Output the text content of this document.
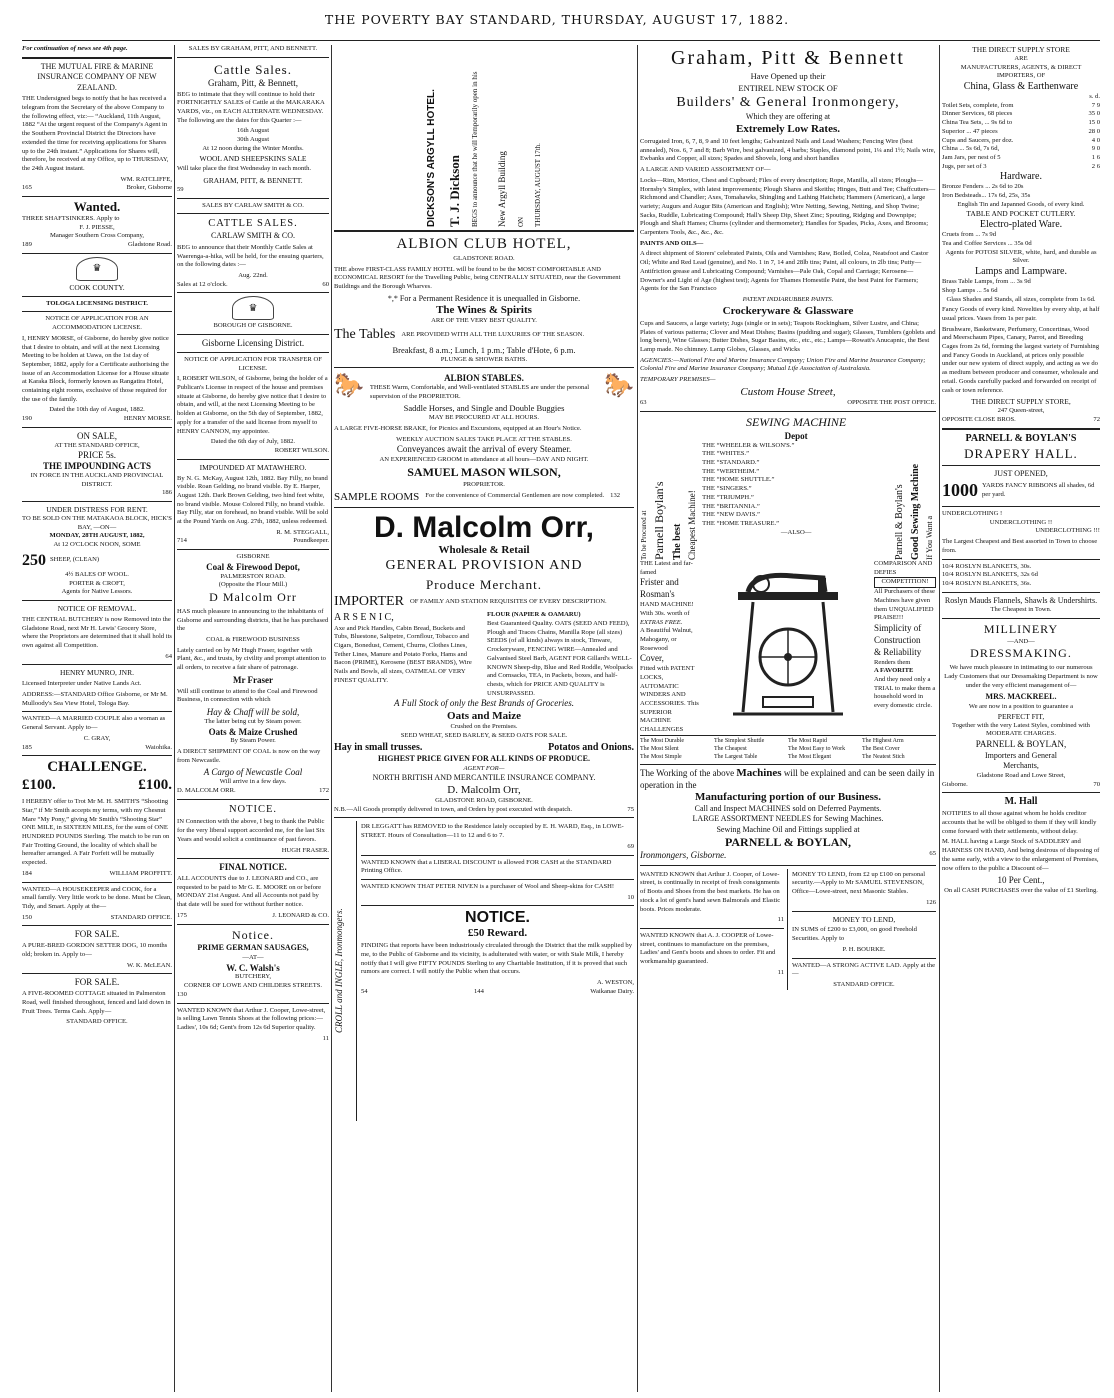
THE POVERTY BAY STANDARD, THURSDAY, AUGUST 17, 1882.
For continuation of news see 4th page.
THE MUTUAL FIRE & MARINE INSURANCE COMPANY OF NEW ZEALAND.
THE Undersigned begs to notify that he has received a telegram from the Secretary of the above Company to the following effect, viz:— “Auckland, 11th August, 1882 “At the urgent request of the Company's Agent in the Southern Provincial District the Directors have extended the time for receiving applications for Shares up to the 24th instant.” Applications for Shares will, therefore, be received at my Office, up to THURSDAY, the 24th August instant.
WM. RATCLIFFE,
165	Broker, Gisborne
Wanted.
THREE SHAFTSINKERS. Apply to
F. J. PIESSE,
Manager Southern Cross Company,
189	Gladstone Road.
♛
COOK COUNTY.
TOLOGA LICENSING DISTRICT.
NOTICE OF APPLICATION FOR AN ACCOMMODATION LICENSE.
I, HENRY MORSE, of Gisborne, do hereby give notice that I desire to obtain, and will at the next Licensing Meeting to be holden at Uawa, on the 1st day of September, 1882, apply for a Certificate authorising the issue of an Accommodation License for a House situate at Karaka Block, formerly known as Rangatira Hotel, containing eight rooms, exclusive of those required for the use of the family.
Dated the 10th day of August, 1882.
190	HENRY MORSE.
ON SALE,
AT THE STANDARD OFFICE,
PRICE 5s.
THE IMPOUNDING ACTS
IN FORCE IN THE AUCKLAND PROVINCIAL DISTRICT.
186
UNDER DISTRESS FOR RENT.
TO BE SOLD ON THE MATAKAOA BLOCK, HICK'S BAY, —ON—
MONDAY, 28TH AUGUST, 1882,
At 12 O'CLOCK NOON, SOME
250 SHEEP, (CLEAN)
4½ BALES OF WOOL.
PORTER & CROFT,
Agents for Native Lessors.
NOTICE OF REMOVAL.
THE CENTRAL BUTCHERY is now Removed into the Gladstone Road, next Mr H. Lewis' Grocery Store, where the Proprietors are determined that it shall hold its own against all Competition.
64
HENRY MUNRO, JNR.
Licensed Interpreter under Native Lands Act.
ADDRESS:—STANDARD Office Gisborne, or Mr M. Mulloody's Sea View Hotel, Tologa Bay.
WANTED—A MARRIED COUPLE also a woman as General Servant. Apply to—
C. GRAY,
185	Waiohika.
CHALLENGE.
£100.	£100.
I HEREBY offer to Trot Mr M. H. SMITH'S “Shooting Star,” if Mr Smith accepts my terms, with my Chesnut Mare “My Pony,” giving Mr Smith's “Shooting Star” ONE MILE, in SIXTEEN MILES, for the sum of ONE HUNDRED POUNDS Sterling. The match to be run on Fair Trotting Ground, the locality of which shall be hereafter arranged. A Fair Forfeit will be mutually expected.
184	WILLIAM PROFFITT.
WANTED—A HOUSEKEEPER and COOK, for a small family. Very little work to be done. Must be Clean, Tidy, and Smart. Apply at the—
150	STANDARD OFFICE.
FOR SALE.
A PURE-BRED GORDON SETTER DOG, 10 months old; broken in. Apply to—
W. K. McLEAN.
FOR SALE.
A FIVE-ROOMED COTTAGE situated in Palmerston Road, well finished throughout, fenced and laid down in Fruit Trees. Terms Cash. Apply—
STANDARD OFFICE.
SALES BY GRAHAM, PITT, AND BENNETT.
Cattle Sales.
Graham, Pitt, & Bennett,
BEG to intimate that they will continue to hold their FORTNIGHTLY SALES of Cattle at the MAKARAKA YARDS, viz., on EACH ALTERNATE WEDNESDAY. The following are the dates for this Quarter :—
16th August
30th August
At 12 noon during the Winter Months.
WOOL AND SHEEPSKINS SALE
Will take place the first Wednesday in each month.
GRAHAM, PITT, & BENNETT.
59
SALES BY CARLAW SMITH & CO.
CATTLE SALES.
CARLAW SMITH & CO.
BEG to announce that their Monthly Cattle Sales at Waerenga-a-hika, will be held, for the ensuing quarters, on the following dates :—
Aug. 22nd.
Sales at 12 o'clock.	60
♛
BOROUGH OF GISBORNE.
Gisborne Licensing District.
NOTICE OF APPLICATION FOR TRANSFER OF LICENSE.
I, ROBERT WILSON, of Gisborne, being the holder of a Publican's License in respect of the house and premises situate at Gisborne, do hereby give notice that I desire to obtain, and will, at the next Licensing Meeting to be holden at Gisborne, on the 5th day of September, 1882, apply for a transfer of the said license from myself to HENRY CANNON, my appointee.
Dated the 6th day of July, 1882.
ROBERT WILSON.
IMPOUNDED AT MATAWHERO.
By N. G. McKay, August 12th, 1882. Bay Filly, no brand visible. Roan Gelding, no brand visible. By E. Harper, August 12th. Dark Brown Gelding, two hind feet white, no brand visible. Mouse Colored Filly, no brand visible. Bay Filly, star on forehead, no brand visible. Will be sold at the Pound Yards on Aug. 27th, 1882, unless redeemed.
R. M. STEGGALL,
714	Poundkeeper.
GISBORNE
Coal & Firewood Depot,
PALMERSTON ROAD.
(Opposite the Flour Mill.)
D Malcolm Orr
HAS much pleasure in announcing to the inhabitants of Gisborne and surrounding districts, that he has purchased the
COAL & FIREWOOD BUSINESS
Lately carried on by Mr Hugh Fraser, together with Plant, &c., and trusts, by civility and prompt attention to all orders, to receive a fair share of patronage.
Mr Fraser
Will still continue to attend to the Coal and Firewood Business, in connection with which
Hay & Chaff will be sold,
The latter being cut by Steam power.
Oats & Maize Crushed
By Steam Power.
A DIRECT SHIPMENT OF COAL is now on the way from Newcastle.
A Cargo of Newcastle Coal
Will arrive in a few days.
D. MALCOLM ORR.	172
NOTICE.
IN Connection with the above, I beg to thank the Public for the very liberal support accorded me, for the last Six Years and would solicit a continuance of past favors.
HUGH FRASER.
FINAL NOTICE.
ALL ACCOUNTS due to J. LEONARD and CO., are requested to be paid to Mr G. E. MOORE on or before MONDAY 21st August. And all Accounts not paid by that date will be sued for without further notice.
175	J. LEONARD & CO.
Notice.
PRIME GERMAN SAUSAGES,
—AT—
W. C. Walsh's
BUTCHERY,
CORNER OF LOWE AND CHILDERS STREETS.
130
WANTED KNOWN that Arthur J. Cooper, Lowe-street, is selling Lawn Tennis Shoes at the following prices:— Ladies', 10s 6d; Gent's from 12s 6d Superior quality.
11
DICKSON'S ARGYLL HOTEL. T. J. Dickson BEGS to announce that he will Temporarily open in his	New Argyll Building ON THURSDAY, AUGUST 17th.
ALBION CLUB HOTEL,
GLADSTONE ROAD.
THE above FIRST-CLASS FAMILY HOTEL will be found to be the MOST COMFORTABLE AND ECONOMICAL RESORT for the Travelling Public, being CENTRALLY SITUATED, near the Government Buildings and the Borough Wharves.
*,* For a Permanent Residence it is unequalled in Gisborne.
The Wines & Spirits
ARE OF THE VERY BEST QUALITY.
The Tables ARE PROVIDED WITH ALL THE LUXURIES OF THE SEASON.
Breakfast, 8 a.m.; Lunch, 1 p.m.; Table d'Hote, 6 p.m.
PLUNGE & SHOWER BATHS.
🐎	ALBION STABLES.
THESE Warm, Comfortable, and Well-ventilated STABLES are under the personal supervision of the PROPRIETOR.	🐎
Saddle Horses, and Single and Double Buggies
MAY BE PROCURED AT ALL HOURS.
A LARGE FIVE-HORSE BRAKE, for Picnics and Excursions, equipped at an Hour's Notice.
WEEKLY AUCTION SALES TAKE PLACE AT THE STABLES.
Conveyances await the arrival of every Steamer.
AN EXPERIENCED GROOM in attendance at all hours—DAY AND NIGHT.
SAMUEL MASON WILSON,
PROPRIETOR.
SAMPLE ROOMS For the convenience of Commercial Gentlemen are now completed. 132
D. Malcolm Orr,
Wholesale & Retail
GENERAL PROVISION AND
Produce Merchant.
IMPORTER OF FAMILY AND STATION REQUISITES OF EVERY DESCRIPTION.
A R S E N I C,
Axe and Pick Handles, Cabin Bread, Buckets and Tubs, Bluestone, Saltpetre, Cornflour, Tobacco and Cigars, Bonedust, Cement, Churns, Clothes Lines, Tether Lines, Manure and Potato Forks, Hams and Bacon (PRIME), Kerosene (BEST BRANDS), Wire Nails and Bowls, all sizes, OATMEAL OF VERY FINEST QUALITY.
FLOUR (NAPIER & OAMARU)
Best Guaranteed Quality. OATS (SEED AND FEED), Plough and Traces Chains, Manilla Rope (all sizes) SEEDS (of all kinds) always in stock, Tinware, Crockeryware, FENCING WIRE—Annealed and Galvanised Steel Barb, AGENT FOR Gillard's WELL-KNOWN Sheep-dip, Blue and Red Roddle, Woolpacks and Cornsacks, TEA, in Packets, boxes, and half-chests, which for PRICE AND QUALITY is UNSURPASSED.
A Full Stock of only the Best Brands of Groceries.
Oats and Maize
Crushed on the Premises.
SEED WHEAT, SEED BARLEY, & SEED OATS FOR SALE.
Hay in small trusses.	Potatos and Onions.
HIGHEST PRICE GIVEN FOR ALL KINDS OF PRODUCE.
AGENT FOR—
NORTH BRITISH AND MERCANTILE INSURANCE COMPANY.
D. Malcolm Orr,
GLADSTONE ROAD, GISBORNE.
N.B.—All Goods promptly delivered in town, and Orders by post executed with despatch.	75
CROLL and INGLE, Ironmongers.
DR LEGGATT has REMOVED to the Residence lately occupied by E. H. WARD, Esq., in LOWE-STREET. Hours of Consultation—11 to 12 and 6 to 7.
69
WANTED KNOWN that a LIBERAL DISCOUNT is allowed FOR CASH at the STANDARD Printing Office.
WANTED KNOWN THAT PETER NIVEN is a purchaser of Wool and Sheep-skins for CASH!
10
NOTICE.
£50 Reward.
FINDING that reports have been industriously circulated through the District that the milk supplied by me, to the Public of Gisborne and its vicinity, is adulterated with water, or with Stale Milk, I hereby notify that I will give FIFTY POUNDS Sterling to any Charitable Institution, if it is proved that such rumors are correct. I will notify the Public when that occurs.
A. WESTON,
54	144	Waikanae Dairy.
Graham, Pitt & Bennett
Have Opened up their
ENTIREL NEW STOCK OF
Builders' & General Ironmongery,
Which they are offering at
Extremely Low Rates.
Corrugated Iron, 6, 7, 8, 9 and 10 feet lengths; Galvanized Nails and Lead Washers; Fencing Wire (best annealed), Nos. 6, 7 and 8; Barb Wire, best galvanized, 4 barbs; Staples, diamond point, 1¼ and 1½; Nails wire, Ewbanks and Copper, all sizes; Spades and Shovels, long and short handles
A LARGE AND VARIED ASSORTMENT OF—
Locks—Rim, Mortice, Chest and Cupboard; Files of every description; Rope, Manilla, all sizes; Ploughs—Hornsby's Simplex, with latest improvements; Plough Shares and Skeiths; Hinges, Butt and Tee; Chaffcutters—Richmond and Chandler; Axes, Tomahawks, Shingling and Lathing Hatchets; Hammers (American), a large variety; Augurs and Augur Bits (American and English); Wire Netting, Sewing, Netting, and Shop Twine; Sacks, Ruddle, Lubricating Compound; Hall's Sheep Dip, Sheet Zinc; Spouting, Ridging and Downpipe; Plough and Shaft Hames; Churns (cylinder and thermometer); Handles for Spades, Picks, Axes, and Brooms; Carpenters Tools, &c., &c., &c.
PAINTS AND OILS—
A direct shipment of Storers' celebrated Paints, Oils and Varnishes; Raw, Boiled, Colza, Neatsfoot and Castor Oil; White and Red Lead (genuine), and No. 1 in 7, 14 and 28lb tins; Paint, all colours, in 2lb tins; Putty—Antifriction grease and Lubricating Compound; Varnishes—Pale Oak, Copal and Carriage; Kerosene—Downer's and Light of Age (highest test); Agents for Thames Homestile Paint, the best Paint for Farmers; Agents for the San Francisco
PATENT INDIARUBBER PAINTS.
Crockeryware & Glassware
Cups and Saucers, a large variety; Jugs (single or in sets); Teapots Rockingham, Silver Lustre, and China; Plates of various patterns; Clover and Meat Dishes; Basins (pudding and sugar); Glasses, Tumblers (goblets and long beers), Wine Glasses; Butter Dishes, Sugar Basins, etc., etc., etc.; Lamps—Rowatt's Anucapnic, the Best Lamp made. No chimney. Lamp Globes, Glasses, and Wicks
AGENCIES:—National Fire and Marine Insurance Company; Union Fire and Marine Insurance Company; Colonial Fire and Marine Insurance Company; Mutual Life Association of Australasia.
TEMPORARY PREMISES—
Custom House Street,
63	OPPOSITE THE POST OFFICE.
To be Procured at Parnell Boylan's The best Cheapest Machine!
SEWING MACHINE
Depot
THE “WHEELER & WILSON'S.”
THE “WHITES.”
THE “STANDARD.”
THE “WERTHEIM.”
THE “HOME SHUTTLE.”
THE “SINGERS.”
THE “TRIUMPH.”
THE “BRITANNIA.”
THE “NEW DAVIS.”
THE “HOME TREASURE.”
—ALSO—	Parnell & Boylan's Good Sewing Machine If You Want a
THE Latest and far-famed
Frister and
Rosman's
HAND MACHINE!
With 30s. worth of
EXTRAS FREE.
A Beautiful Walnut, Mahogany, or Rosewood
Cover,
Fitted with PATENT LOCKS, AUTOMATIC WINDERS AND ACCESSORIES. This
SUPERIOR MACHINE
CHALLENGES
COMPARISON AND DEFIES
COMPETITION!
All Purchasers of these Machines have given them UNQUALIFIED PRAISE!!!
Simplicity of
Construction
& Reliability
Renders them
A FAVORITE
And they need only a TRIAL to make them a household word in every domestic circle.
The Most Durable	The Simplest Shuttle	The Most Rapid	The Highest Arm
The Most Silent	The Cheapest	The Most Easy to Work	The Best Cover
The Most Simple	The Largest Table	The Most Elegant	The Neatest Stich
The Working of the above Machines will be explained and can be seen daily in operation in the
Manufacturing portion of our Business.
Call and Inspect MACHINES sold on Deferred Payments.
LARGE ASSORTMENT NEEDLES for Sewing Machines.
Sewing Machine Oil and Fittings supplied at
PARNELL & BOYLAN,
Ironmongers, Gisborne.	65
WANTED KNOWN that Arthur J. Cooper, of Lowe-street, is continually in receipt of fresh consignments of Boots and Shoes from the best markets. He has on stock a lot of gent's hand sewn Balmorals and Elastic boots. Prices moderate.
11
WANTED KNOWN that A. J. COOPER of Lowe-street, continues to manufacture on the premises, Ladies' and Gent's boots and shoes to order. Fit and workmanship guaranteed.
11
MONEY TO LEND, from £2 up £100 on personal security.—Apply to Mr SAMUEL STEVENSON, Office—Lowe-street, next Masonic Stables.
126
MONEY TO LEND,
IN SUMS of £200 to £3,000, on good Freehold Securities. Apply to
P. H. BOURKE.
WANTED—A STRONG ACTIVE LAD. Apply at the—
STANDARD OFFICE.
THE DIRECT SUPPLY STORE
ARE
MANUFACTURERS, AGENTS, & DIRECT IMPORTERS, OF
China, Glass & Earthenware
s. d.
Toilet Sets, complete, from	7 9
Dinner Services, 68 pieces	35 0
China Tea Sets, ... 9s 6d to	15 0
Superior ... 47 pieces	28 0
Cups and Saucers, per doz.	4 0
China ... 5s 6d, 7s 6d,	9 0
Jam Jars, per nest of 5	1 6
Jugs, per set of 3	2 6
Hardware.
Bronze Fenders ... 2s 6d to 20s
Iron Bedsteads... 17s 6d, 25s, 35s
English Tin and Japanned Goods, of every kind.
TABLE AND POCKET CUTLERY.
Electro-plated Ware.
Cruets from ... 7s 9d
Tea and Coffee Services ... 35s 0d
Agents for POTOSI SILVER, white, hard, and durable as Silver.
Lamps and Lampware.
Brass Table Lamps, from ... 3s 9d
Shop Lamps ... 5s 6d
Glass Shades and Stands, all sizes, complete from 1s 6d.
Fancy Goods of every kind. Novelties by every ship, at half usual prices. Vases from 1s per pair.
Brushware, Basketware, Perfumery, Concertinas, Wood and Meerschaum Pipes, Canary, Parrot, and Breeding Cages from 2s 6d, forming the largest variety of Furnishing and Fancy Goods in Auckland, at prices only possible under our new system of direct supply, and acting as we do as medium between producer and consumer, wholesale and retail. Goods carefully packed and forwarded on receipt of cash or town reference.
THE DIRECT SUPPLY STORE,
247 Queen-street,
OPPOSITE CLOSE BROS.	72
PARNELL & BOYLAN'S
DRAPERY HALL.
JUST OPENED,
1000 YARDS FANCY RIBBONS all shades, 6d per yard.
UNDERCLOTHING !
UNDERCLOTHING !!
UNDERCLOTHING !!!
The Largest Cheapest and Best assorted in Town to choose from.
10/4 ROSLYN BLANKETS, 30s.
10/4 ROSLYN BLANKETS, 32s 6d
10/4 ROSLYN BLANKETS, 36s.
Roslyn Mauds Flannels, Shawls & Undershirts.
The Cheapest in Town.
MILLINERY
—AND—
DRESSMAKING.
We have much pleasure in intimating to our numerous Lady Customers that our Dressmaking Department is now under the very efficient management of—
MRS. MACKREEL.
We are now in a position to guarantee a
PERFECT FIT,
Together with the very Latest Styles, combined with MODERATE CHARGES.
PARNELL & BOYLAN,
Importers and General
Merchants,
Gladstone Road and Lowe Street,
Gisborne.	70
M. Hall
NOTIFIES to all those against whom he holds creditor accounts that he will be obliged to them if they will kindly come forward with their settlements, without delay.
M. HALL having a Large Stock of SADDLERY and HARNESS ON HAND, And being desirous of disposing of the same early, with a view to the enlargement of Premises, now offers to the public a Discount of—
10 Per Cent.,
On all CASH PURCHASES over the value of £1 Sterling.
